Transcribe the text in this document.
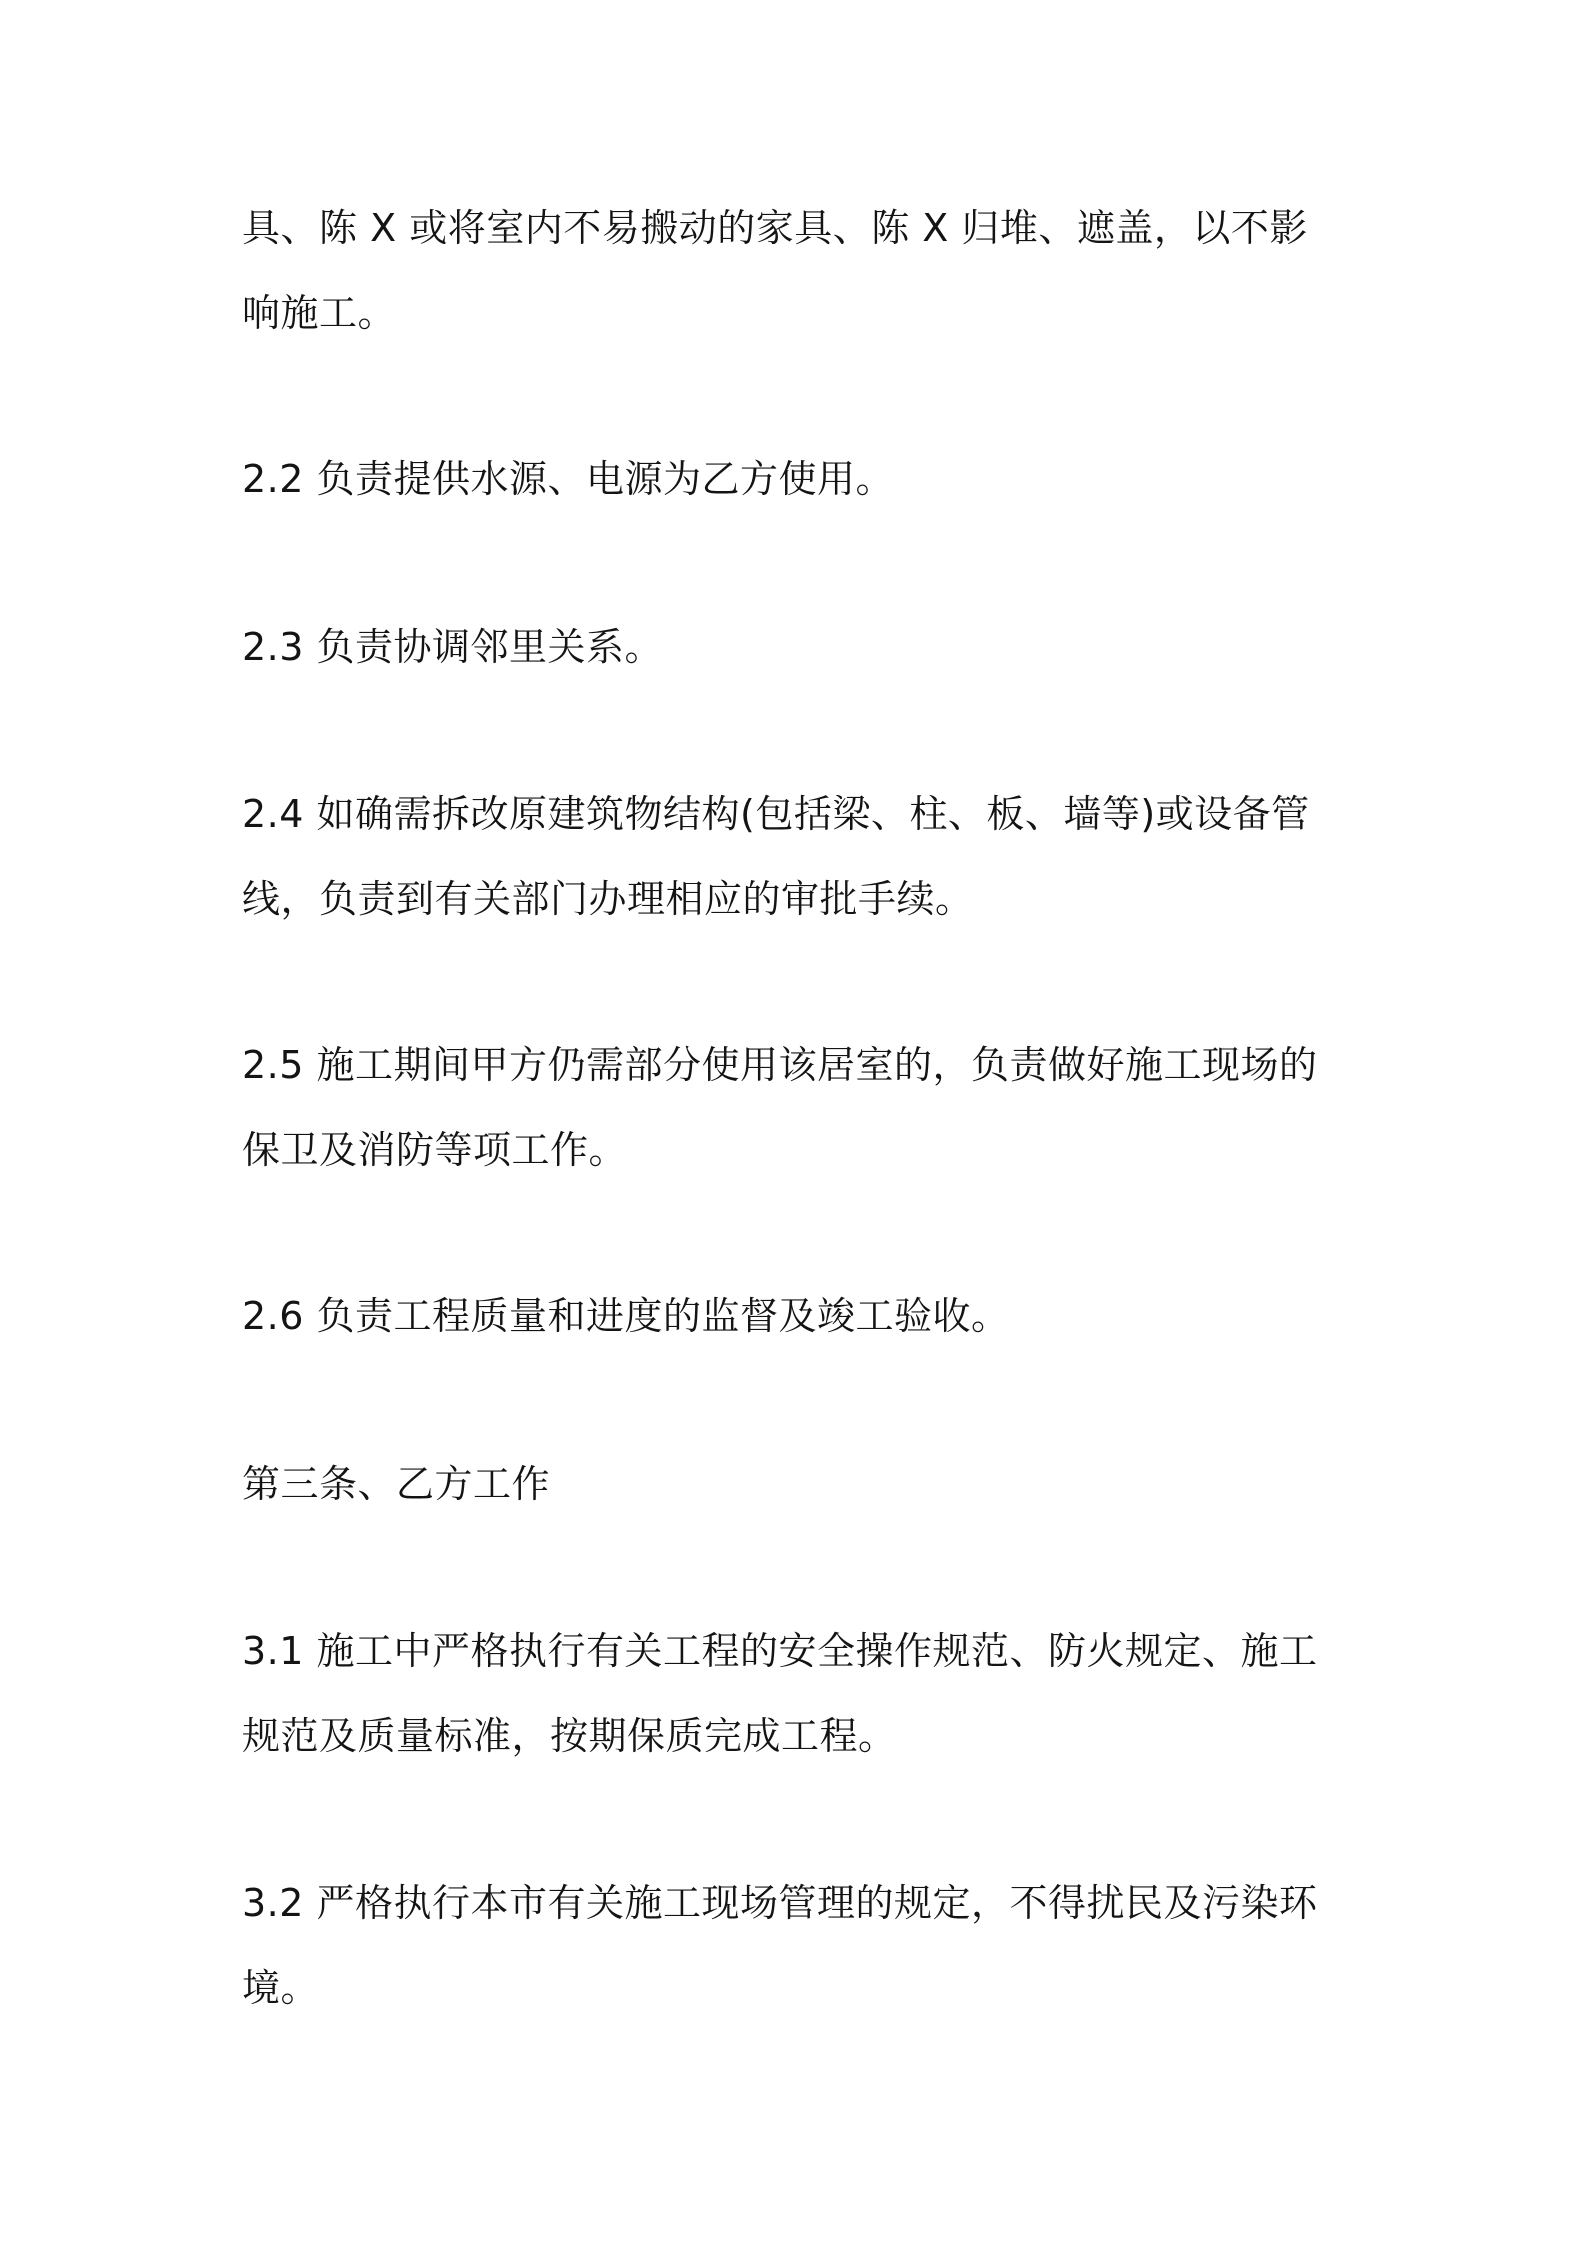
具、陈 X 或将室内不易搬动的家具、陈 X 归堆、遮盖，以不影

响施工。

2.2 负责提供水源、电源为乙方使用。

2.3 负责协调邻里关系。

2.4 如确需拆改原建筑物结构(包括梁、柱、板、墙等)或设备管

线，负责到有关部门办理相应的审批手续。

2.5 施工期间甲方仍需部分使用该居室的，负责做好施工现场的

保卫及消防等项工作。

2.6 负责工程质量和进度的监督及竣工验收。

第三条、乙方工作

3.1 施工中严格执行有关工程的安全操作规范、防火规定、施工

规范及质量标准，按期保质完成工程。

3.2 严格执行本市有关施工现场管理的规定，不得扰民及污染环

境。
